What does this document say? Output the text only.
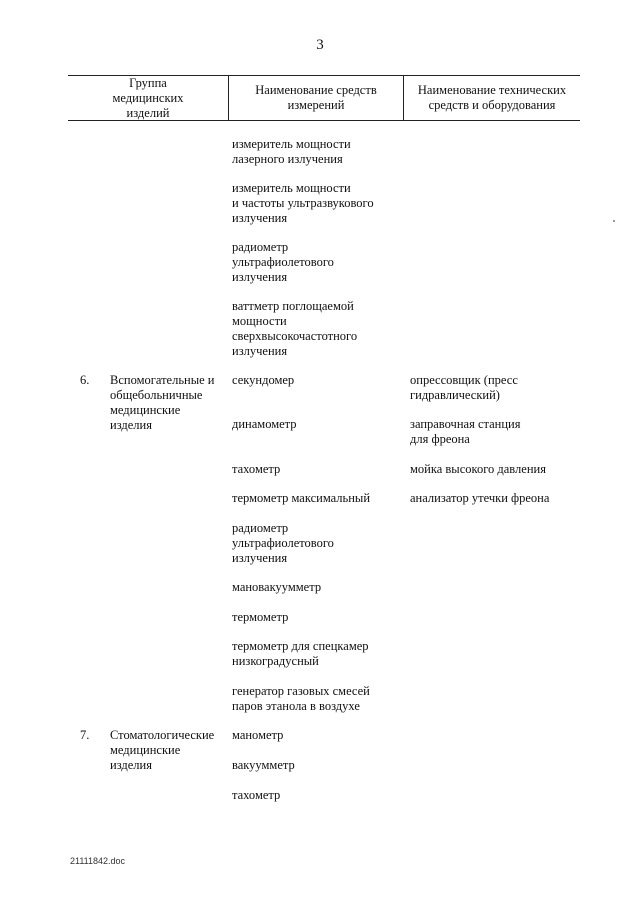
3
Группа
медицинских
изделий
Наименование средств
измерений
Наименование технических
средств и оборудования
измеритель мощности
лазерного излучения
измеритель мощности
и частоты ультразвукового
излучения
радиометр
ультрафиолетового
излучения
ваттметр поглощаемой
мощности
сверхвысокочастотного
излучения
6. Вспомогательные и
общебольничные
медицинские
изделия
секундомер
динамометр
тахометр
термометр максимальный
радиометр
ультрафиолетового
излучения
мановакуумметр
термометр
термометр для спецкамер
низкоградусный
генератор газовых смесей
паров этанола в воздухе
опрессовщик (пресс
гидравлический)
заправочная станция
для фреона
мойка высокого давления
анализатор утечки фреона
7. Стоматологические
медицинские
изделия
манометр
вакуумметр
тахометр
21111842.doc
